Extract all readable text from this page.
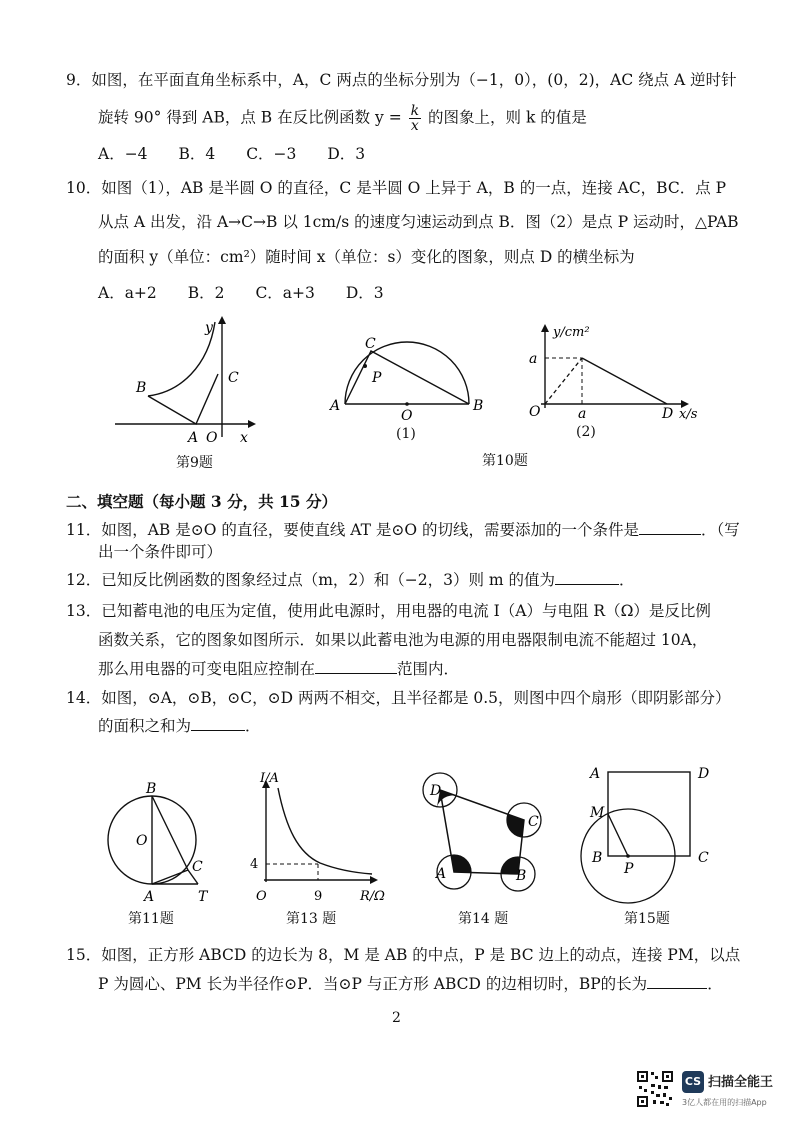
9．如图，在平面直角坐标系中，A，C 两点的坐标分别为（−1，0），(0，2)，AC 绕点 A 逆时针
旋转 90° 得到 AB，点 B 在反比例函数 $y = \frac{k}{x}$ 的图象上，则 k 的值是
A．−4 B．4 C．−3 D．3
10．如图（1），AB 是半圆 O 的直径，C 是半圆 O 上异于 A，B 的一点，连接 AC，BC．点 P
从点 A 出发，沿 A→C→B 以 1cm/s 的速度匀速运动到点 B．图（2）是点 P 运动时，△PAB
的面积 y（单位：cm²）随时间 x（单位：s）变化的图象，则点 D 的横坐标为
A．a+2 B．2 C．a+3 D．3
y
B
C
A O x
第9题
C
P
A
O
B
(1)
y/cm²
a
O	a	D x/s
(2)
第10题
二、填空题（每小题 3 分，共 15 分）
11．如图，AB 是⊙O 的直径，要使直线 AT 是⊙O 的切线，需要添加的一个条件是	．（写
出一个条件即可）
12．已知反比例函数的图象经过点（m，2）和（−2，3）则 m 的值为	．
13．已知蓄电池的电压为定值，使用此电源时，用电器的电流 I（A）与电阻 R（Ω）是反比例
函数关系，它的图象如图所示．如果以此蓄电池为电源的用电器限制电流不能超过 10A，
那么用电器的可变电阻应控制在	范围内．
14．如图，⊙A，⊙B，⊙C，⊙D 两两不相交，且半径都是 0.5，则图中四个扇形（即阴影部分）
的面积之和为	．
B
O
C
A	T
第11题
I/A
4
O	9	R/Ω
第13 题
D
C
A	B
第14 题
A	D
M
B
P
C
第15题
15．如图，正方形 ABCD 的边长为 8，M 是 AB 的中点，P 是 BC 边上的动点，连接 PM，以点
P 为圆心、PM 长为半径作⊙P．当⊙P 与正方形 ABCD 的边相切时，BP的长为	．
2
CS 扫描全能王
3亿人都在用的扫描App
